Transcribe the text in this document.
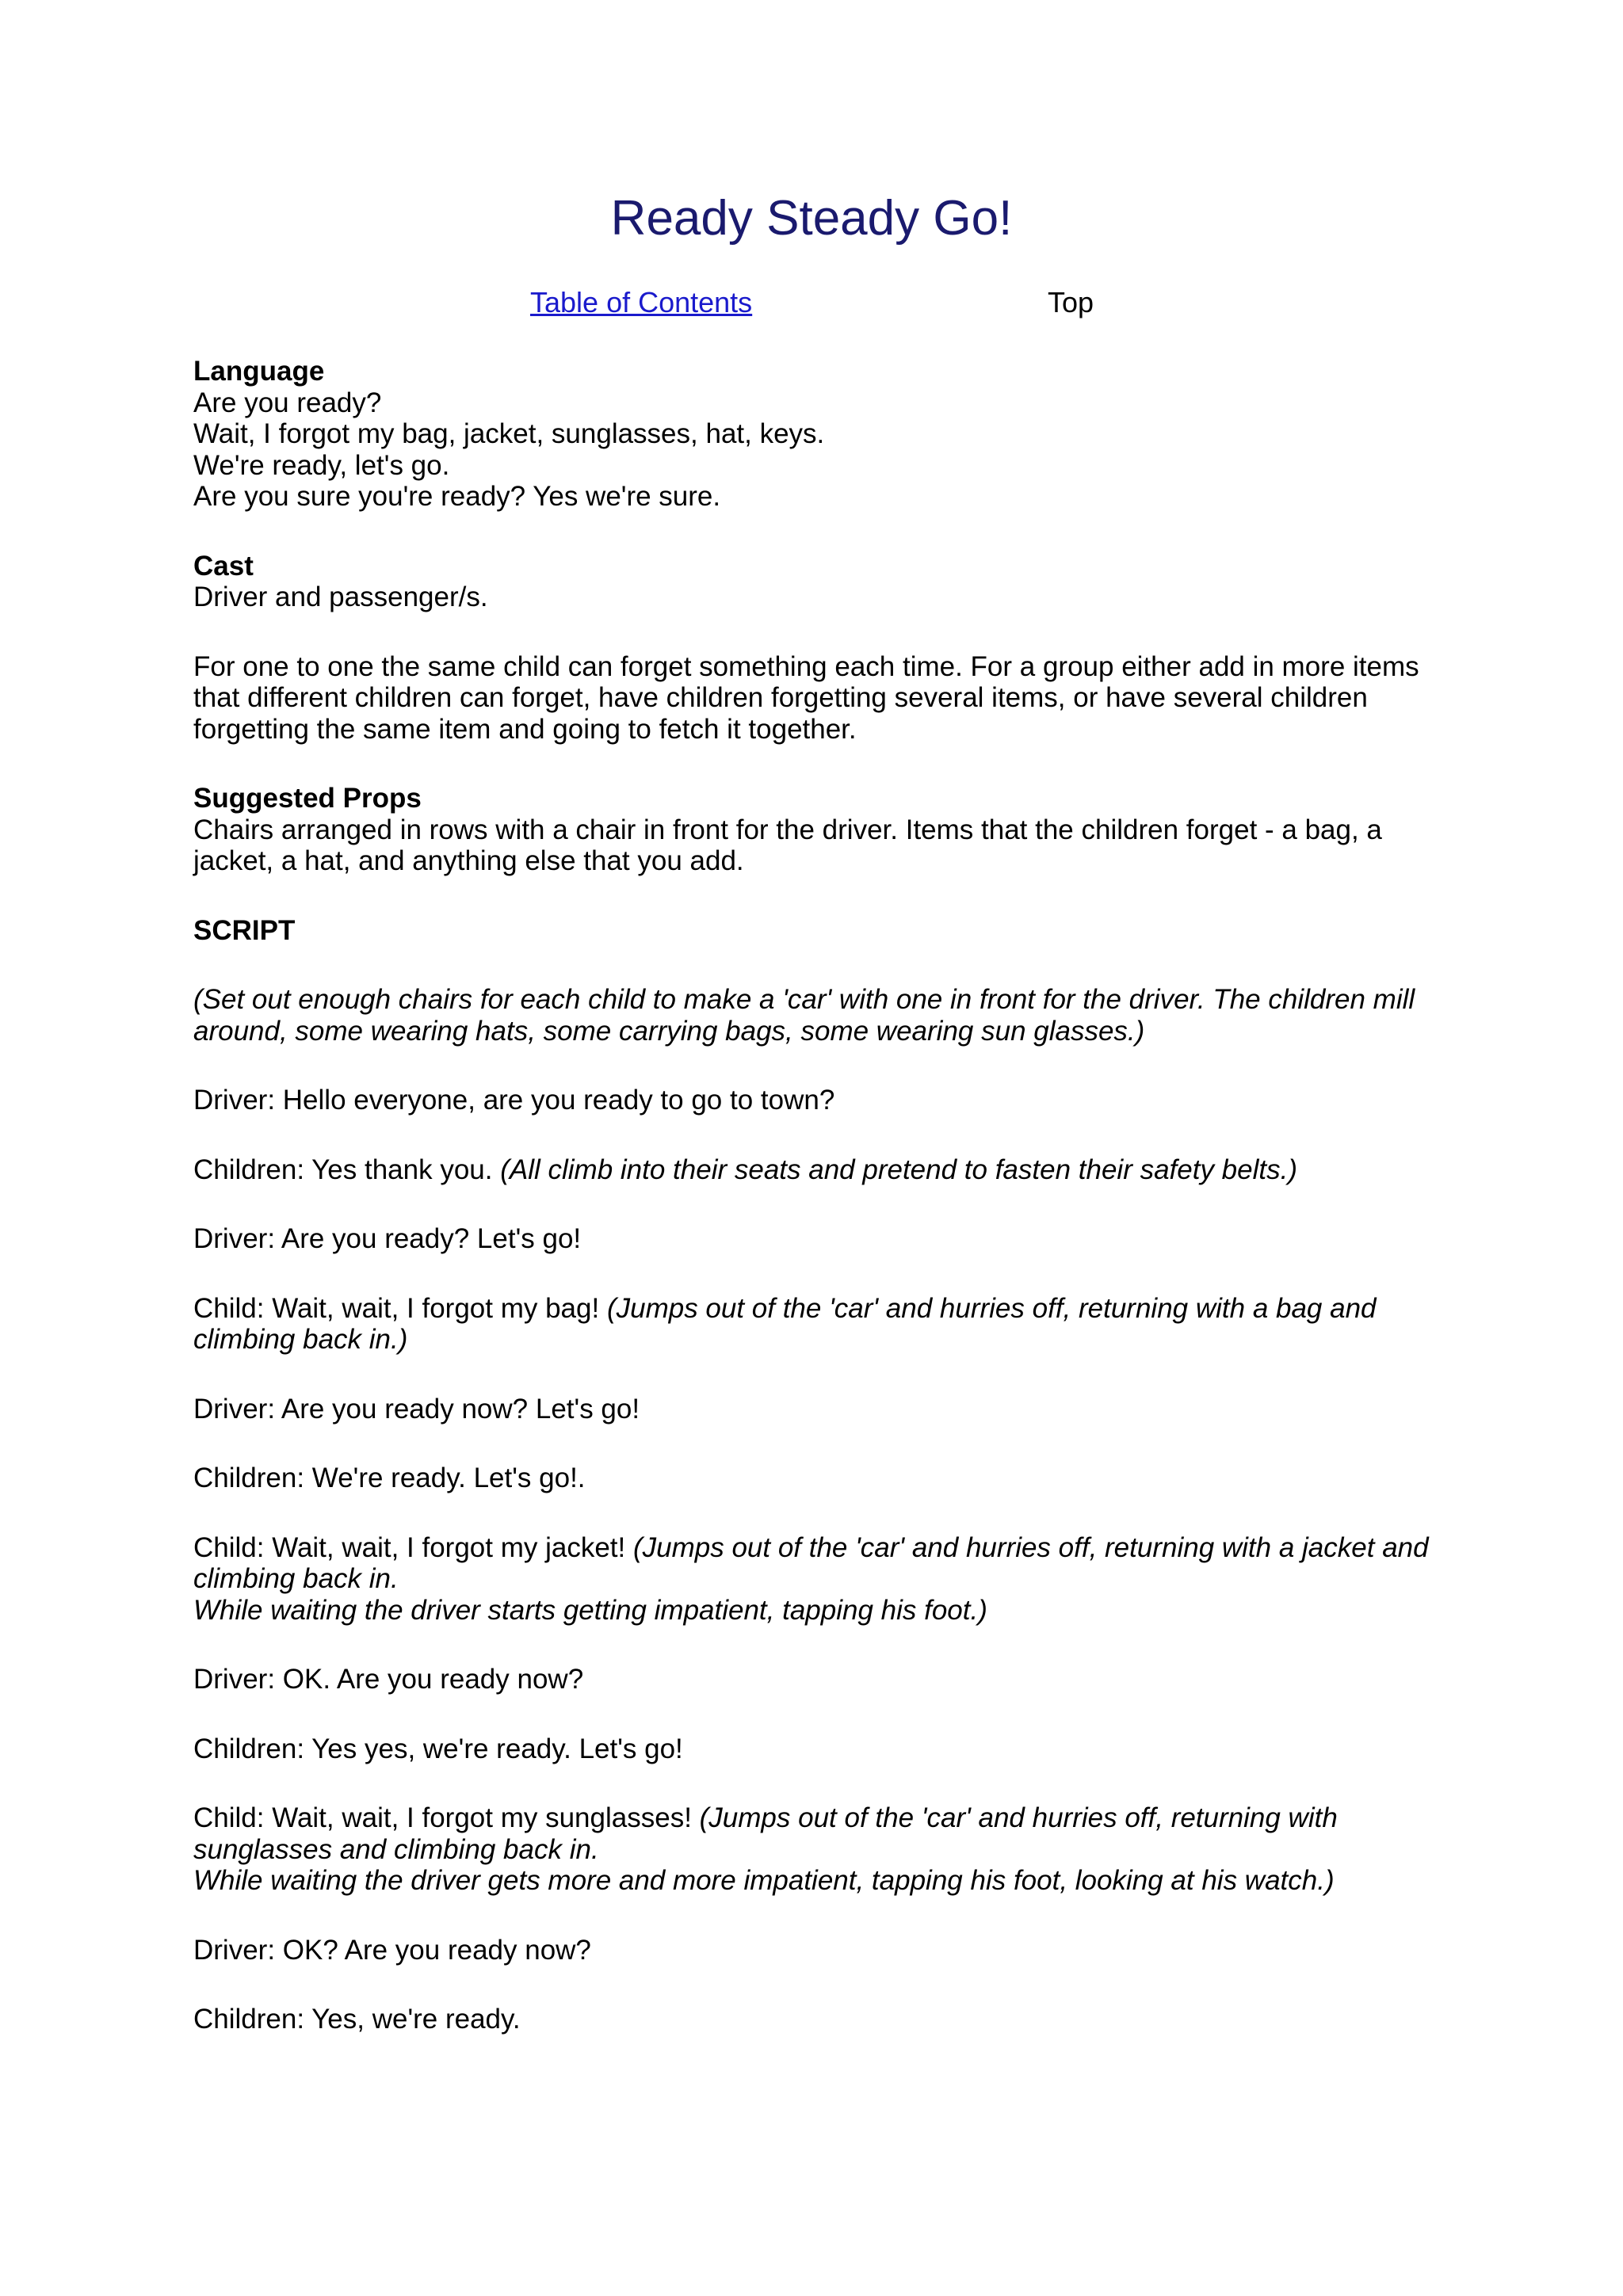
Ready Steady Go!
Table of Contents	Top
Language
Are you ready?
Wait, I forgot my bag, jacket, sunglasses, hat, keys.
We're ready, let's go.
Are you sure you're ready? Yes we're sure.
Cast
Driver and passenger/s.

For one to one the same child can forget something each time. For a group either add in more items that different children can forget, have children forgetting several items, or have several children forgetting the same item and going to fetch it together.

Suggested Props

Chairs arranged in rows with a chair in front for the driver. Items that the children forget - a bag, a jacket, a hat, and anything else that you add.

SCRIPT

(Set out enough chairs for each child to make a 'car' with one in front for the driver. The children mill around, some wearing hats, some carrying bags, some wearing sun glasses.)

Driver: Hello everyone, are you ready to go to town?

Children: Yes thank you. (All climb into their seats and pretend to fasten their safety belts.)

Driver: Are you ready? Let's go!

Child: Wait, wait, I forgot my bag! (Jumps out of the 'car' and hurries off, returning with a bag and climbing back in.)

Driver: Are you ready now? Let's go!

Children: We're ready. Let's go!.

Child: Wait, wait, I forgot my jacket! (Jumps out of the 'car' and hurries off, returning with a jacket and climbing back in.

While waiting the driver starts getting impatient, tapping his foot.)

Driver: OK. Are you ready now?

Children: Yes yes, we're ready. Let's go!

Child: Wait, wait, I forgot my sunglasses! (Jumps out of the 'car' and hurries off, returning with sunglasses and climbing back in.

While waiting the driver gets more and more impatient, tapping his foot, looking at his watch.)

Driver: OK? Are you ready now?

Children: Yes, we're ready.
